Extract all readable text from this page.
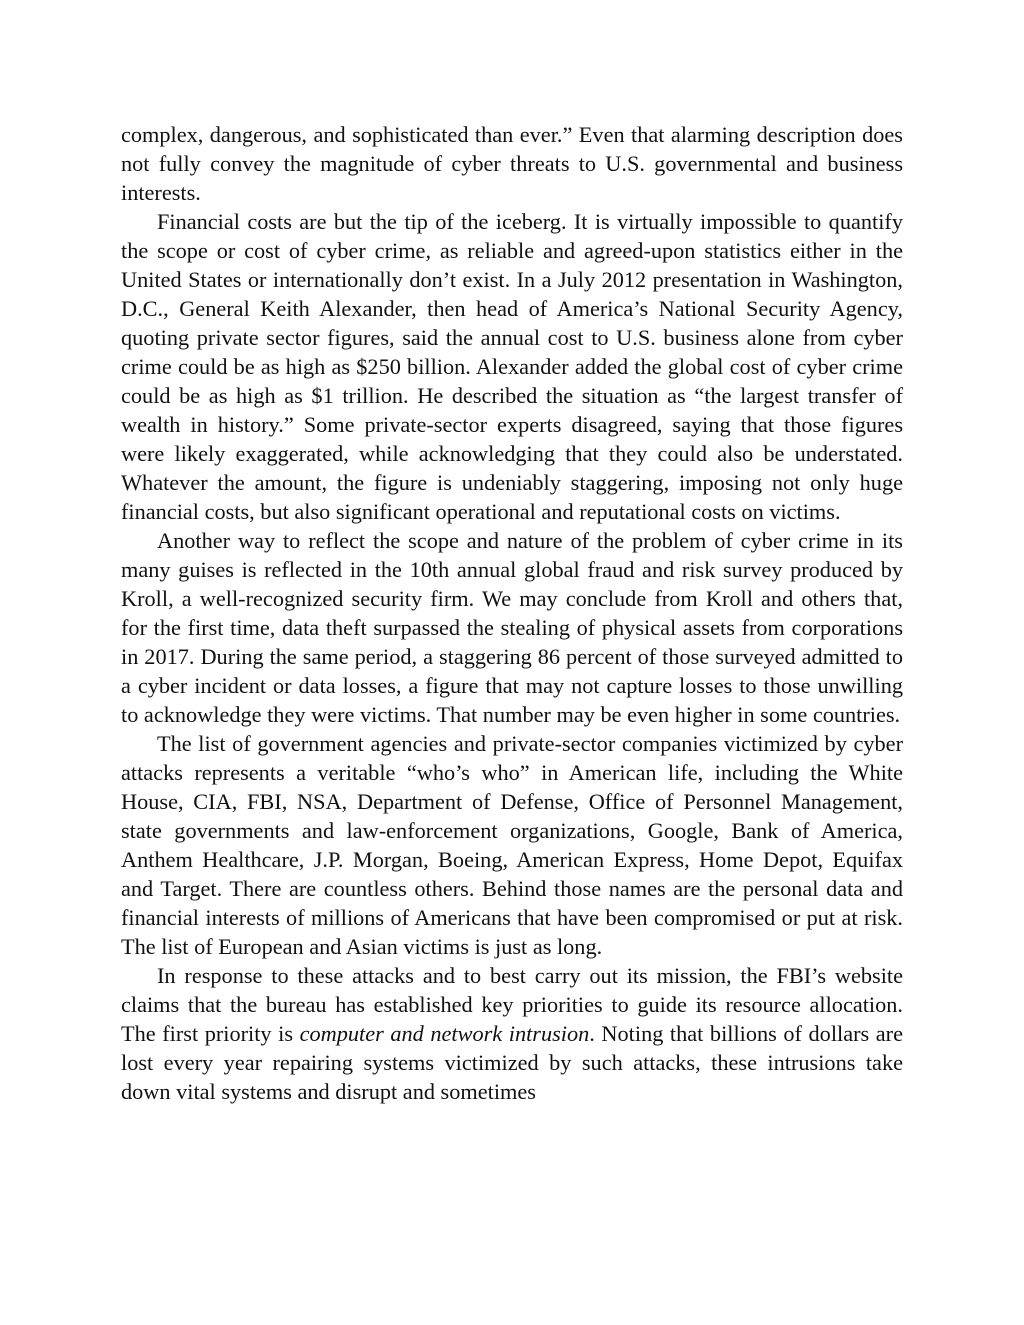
complex, dangerous, and sophisticated than ever.” Even that alarming description does not fully convey the magnitude of cyber threats to U.S. governmental and business interests.

Financial costs are but the tip of the iceberg. It is virtually impossible to quantify the scope or cost of cyber crime, as reliable and agreed-upon statistics either in the United States or internationally don’t exist. In a July 2012 presentation in Washington, D.C., General Keith Alexander, then head of America’s National Security Agency, quoting private sector figures, said the annual cost to U.S. business alone from cyber crime could be as high as $250 billion. Alexander added the global cost of cyber crime could be as high as $1 trillion. He described the situation as “the largest transfer of wealth in history.” Some private-sector experts disagreed, saying that those figures were likely exaggerated, while acknowledging that they could also be understated. Whatever the amount, the figure is undeniably staggering, imposing not only huge financial costs, but also significant operational and reputational costs on victims.

Another way to reflect the scope and nature of the problem of cyber crime in its many guises is reflected in the 10th annual global fraud and risk survey produced by Kroll, a well-recognized security firm. We may conclude from Kroll and others that, for the first time, data theft surpassed the stealing of physical assets from corporations in 2017. During the same period, a staggering 86 percent of those surveyed admitted to a cyber incident or data losses, a figure that may not capture losses to those unwilling to acknowledge they were victims. That number may be even higher in some countries.

The list of government agencies and private-sector companies victimized by cyber attacks represents a veritable “who’s who” in American life, including the White House, CIA, FBI, NSA, Department of Defense, Office of Personnel Management, state governments and law-enforcement organizations, Google, Bank of America, Anthem Healthcare, J.P. Morgan, Boeing, American Express, Home Depot, Equifax and Target. There are countless others. Behind those names are the personal data and financial interests of millions of Americans that have been compromised or put at risk. The list of European and Asian victims is just as long.

In response to these attacks and to best carry out its mission, the FBI’s website claims that the bureau has established key priorities to guide its resource allocation. The first priority is computer and network intrusion. Noting that billions of dollars are lost every year repairing systems victimized by such attacks, these intrusions take down vital systems and disrupt and sometimes
